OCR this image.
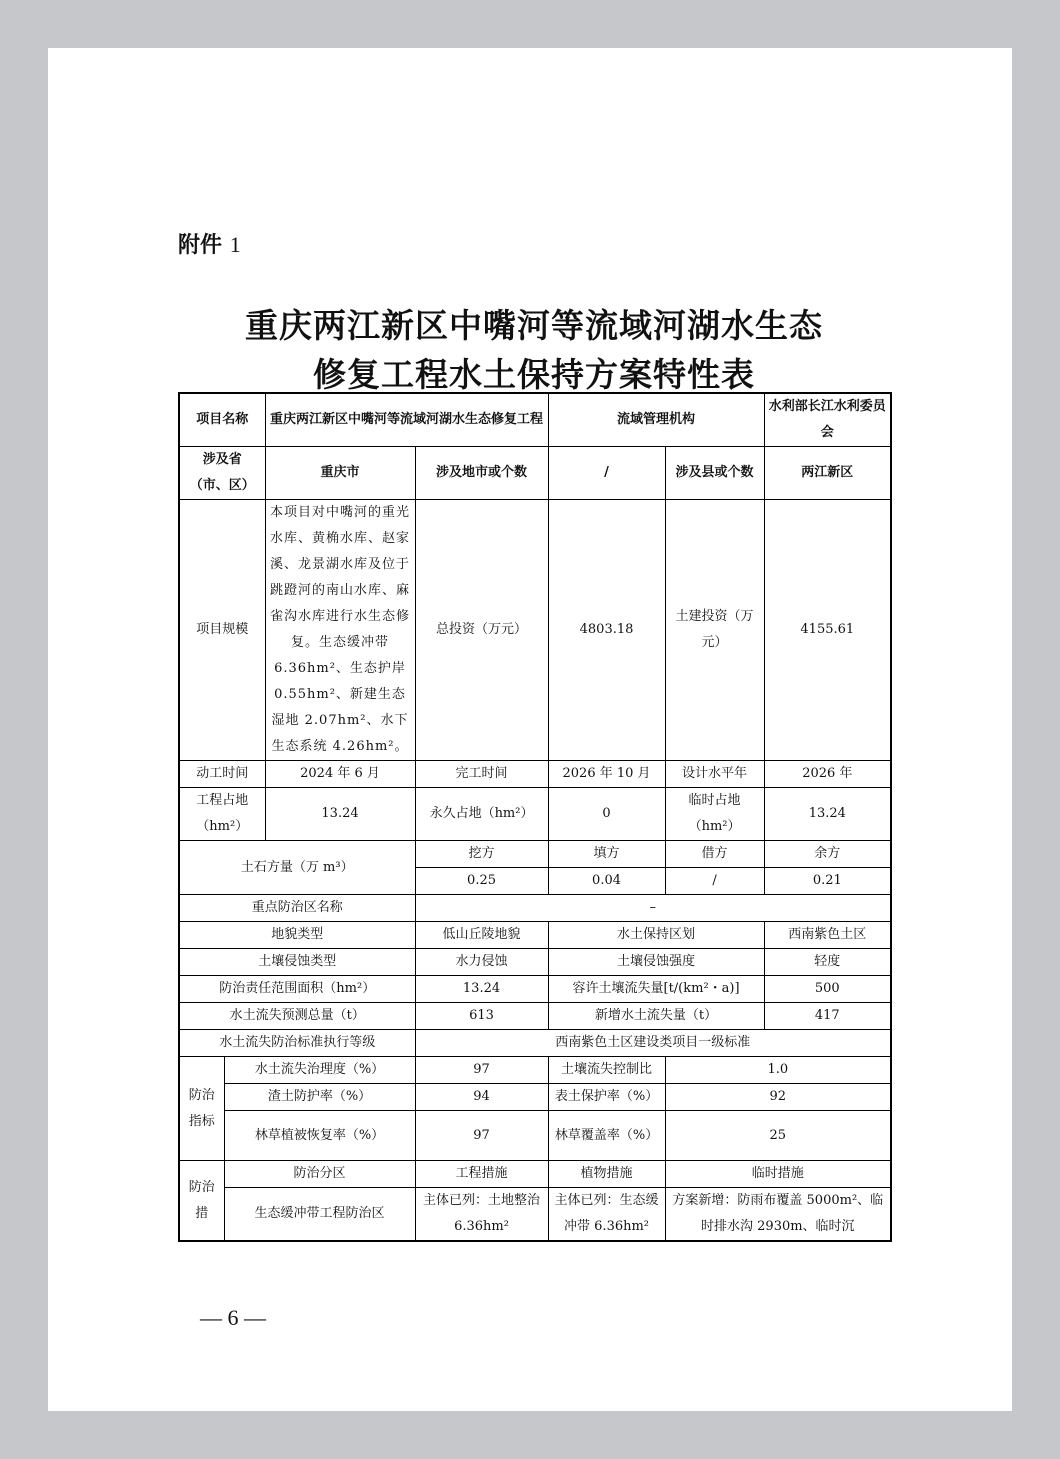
附件 1
重庆两江新区中嘴河等流域河湖水生态
修复工程水土保持方案特性表
项目名称		重庆两江新区中嘴河等流域河湖水生态修复工程		流域管理机构		水利部长江水利委员会
涉及省（市、区）		重庆市	涉及地市或个数	/	涉及县或个数	两江新区
项目规模		本项目对中嘴河的重光水库、黄桷水库、赵家溪、龙景湖水库及位于跳蹬河的南山水库、麻雀沟水库进行水生态修复。生态缓冲带 6.36hm²、生态护岸 0.55hm²、新建生态湿地 2.07hm²、水下生态系统 4.26hm²。	总投资（万元）	4803.18	土建投资（万元）	4155.61
动工时间		2024 年 6 月	完工时间	2026 年 10 月	设计水平年	2026 年
工程占地（hm²）		13.24	永久占地（hm²）	0	临时占地（hm²）	13.24
土石方量（万 m³）			挖方	填方	借方	余方
			0.25	0.04	/	0.21
重点防治区名称			–			
地貌类型			低山丘陵地貌	水土保持区划		西南紫色土区
土壤侵蚀类型			水力侵蚀	土壤侵蚀强度		轻度
防治责任范围面积（hm²）			13.24	容许土壤流失量[t/(km²・a)]		500
水土流失预测总量（t）			613	新增水土流失量（t）		417
水土流失防治标准执行等级			西南紫色土区建设类项目一级标准			
防治指标	水土流失治理度（%）		97	土壤流失控制比	1.0	
	渣土防护率（%）		94	表土保护率（%）	92	
	林草植被恢复率（%）		97	林草覆盖率（%）	25	
防治措	防治分区		工程措施	植物措施	临时措施	
	生态缓冲带工程防治区		主体已列：土地整治 6.36hm²	主体已列：生态缓冲带 6.36hm²	方案新增：防雨布覆盖 5000m²、临时排水沟 2930m、临时沉	
— 6 —
